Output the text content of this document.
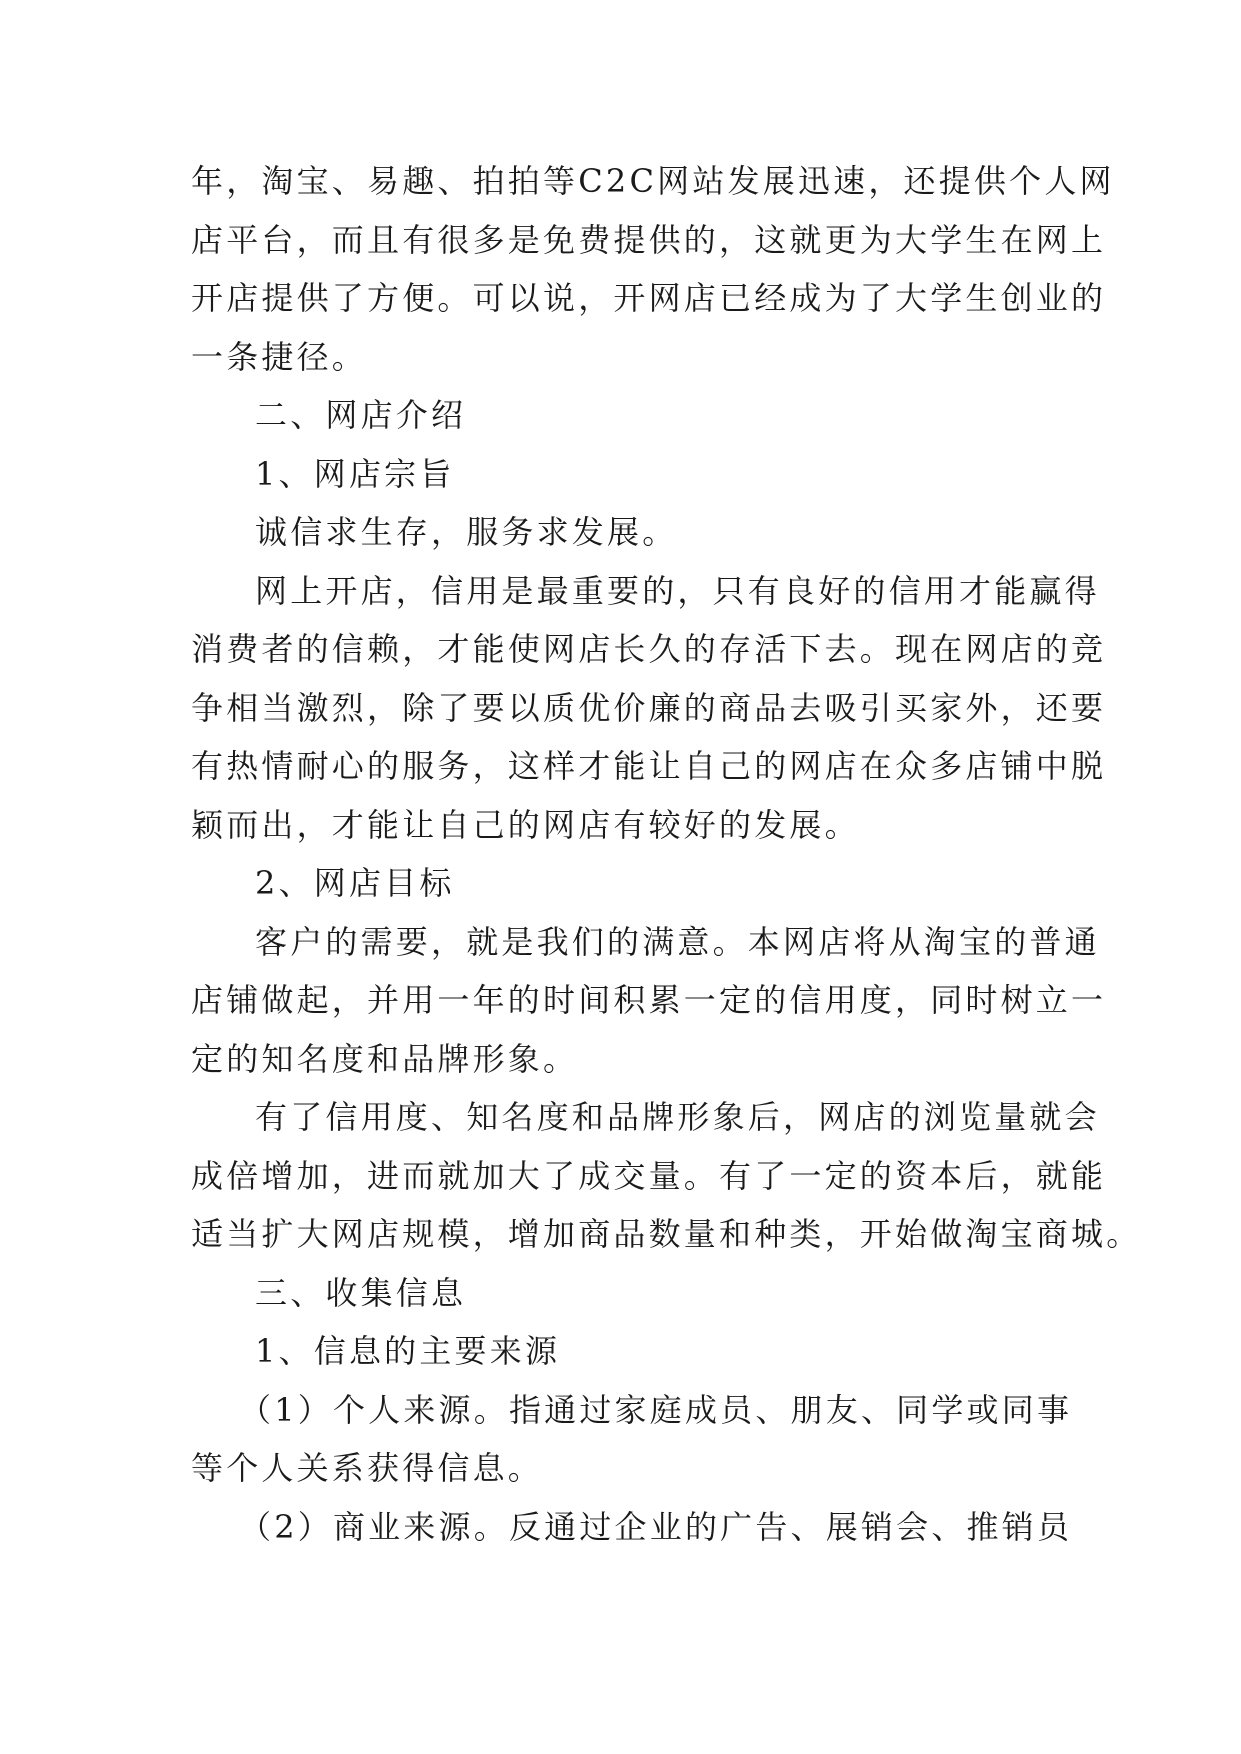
年，淘宝、易趣、拍拍等C2C网站发展迅速，还提供个人网
店平台，而且有很多是免费提供的，这就更为大学生在网上
开店提供了方便。可以说，开网店已经成为了大学生创业的
一条捷径。

二、网店介绍

1、网店宗旨

诚信求生存，服务求发展。

网上开店，信用是最重要的，只有良好的信用才能赢得
消费者的信赖，才能使网店长久的存活下去。现在网店的竞
争相当激烈，除了要以质优价廉的商品去吸引买家外，还要
有热情耐心的服务，这样才能让自己的网店在众多店铺中脱
颖而出，才能让自己的网店有较好的发展。

2、网店目标

客户的需要，就是我们的满意。本网店将从淘宝的普通
店铺做起，并用一年的时间积累一定的信用度，同时树立一
定的知名度和品牌形象。

有了信用度、知名度和品牌形象后，网店的浏览量就会
成倍增加，进而就加大了成交量。有了一定的资本后，就能
适当扩大网店规模，增加商品数量和种类，开始做淘宝商城。

三、收集信息

1、信息的主要来源

（1）个人来源。指通过家庭成员、朋友、同学或同事
等个人关系获得信息。

（2）商业来源。反通过企业的广告、展销会、推销员
